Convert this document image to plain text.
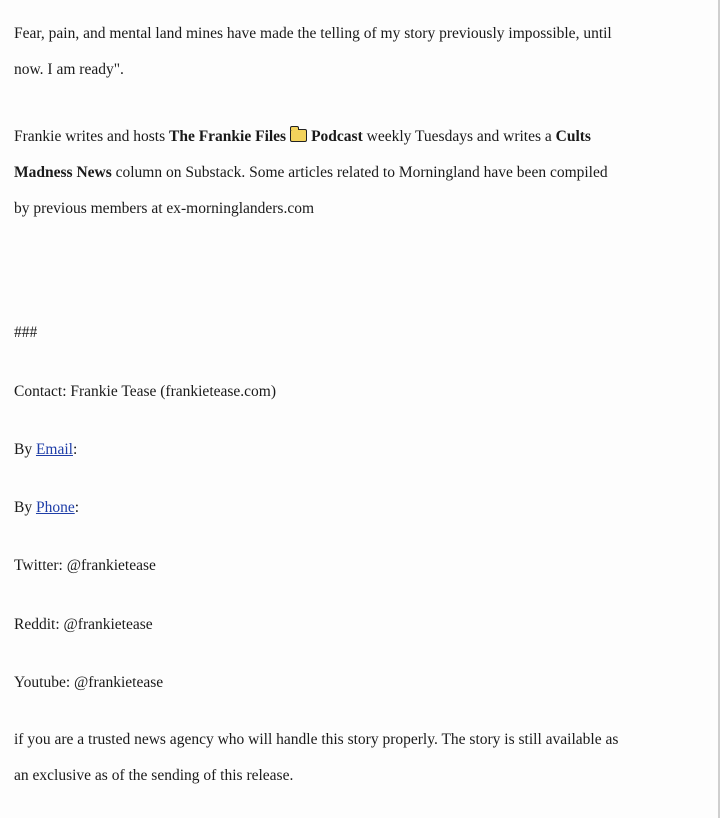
Fear, pain, and mental land mines have made the telling of my story previously impossible, until
now. I am ready".

Frankie writes and hosts The Frankie Files Podcast weekly Tuesdays and writes a Cults
Madness News column on Substack. Some articles related to Morningland have been compiled
by previous members at ex-morninglanders.com

###

Contact: Frankie Tease (frankietease.com)

By Email:

By Phone:

Twitter: @frankietease

Reddit: @frankietease

Youtube: @frankietease

if you are a trusted news agency who will handle this story properly. The story is still available as
an exclusive as of the sending of this release.
